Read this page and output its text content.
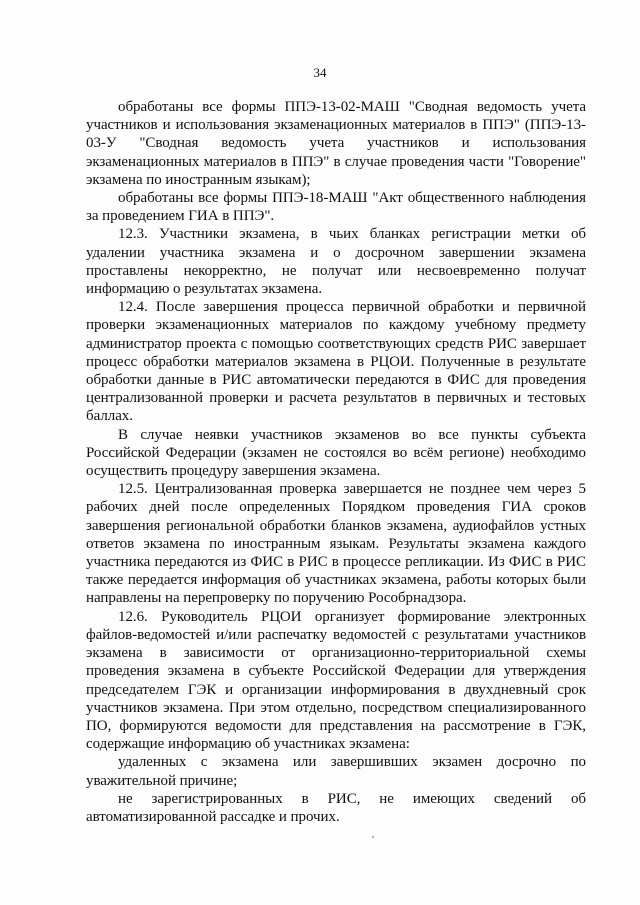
34

обработаны все формы ППЭ-13-02-МАШ "Сводная ведомость учета участников и использования экзаменационных материалов в ППЭ" (ППЭ-13-03-У "Сводная ведомость учета участников и использования экзаменационных материалов в ППЭ" в случае проведения части "Говорение" экзамена по иностранным языкам);

обработаны все формы ППЭ-18-МАШ "Акт общественного наблюдения за проведением ГИА в ППЭ".

12.3. Участники экзамена, в чьих бланках регистрации метки об удалении участника экзамена и о досрочном завершении экзамена проставлены некорректно, не получат или несвоевременно получат информацию о результатах экзамена.

12.4. После завершения процесса первичной обработки и первичной проверки экзаменационных материалов по каждому учебному предмету администратор проекта с помощью соответствующих средств РИС завершает процесс обработки материалов экзамена в РЦОИ. Полученные в результате обработки данные в РИС автоматически передаются в ФИС для проведения централизованной проверки и расчета результатов в первичных и тестовых баллах.

В случае неявки участников экзаменов во все пункты субъекта Российской Федерации (экзамен не состоялся во всём регионе) необходимо осуществить процедуру завершения экзамена.

12.5. Централизованная проверка завершается не позднее чем через 5 рабочих дней после определенных Порядком проведения ГИА сроков завершения региональной обработки бланков экзамена, аудиофайлов устных ответов экзамена по иностранным языкам. Результаты экзамена каждого участника передаются из ФИС в РИС в процессе репликации. Из ФИС в РИС также передается информация об участниках экзамена, работы которых были направлены на перепроверку по поручению Рособрнадзора.

12.6. Руководитель РЦОИ организует формирование электронных файлов-ведомостей и/или распечатку ведомостей с результатами участников экзамена в зависимости от организационно-территориальной схемы проведения экзамена в субъекте Российской Федерации для утверждения председателем ГЭК и организации информирования в двухдневный срок участников экзамена. При этом отдельно, посредством специализированного ПО, формируются ведомости для представления на рассмотрение в ГЭК, содержащие информацию об участниках экзамена:

удаленных с экзамена или завершивших экзамен досрочно по уважительной причине;

не зарегистрированных в РИС, не имеющих сведений об автоматизированной рассадке и прочих.
